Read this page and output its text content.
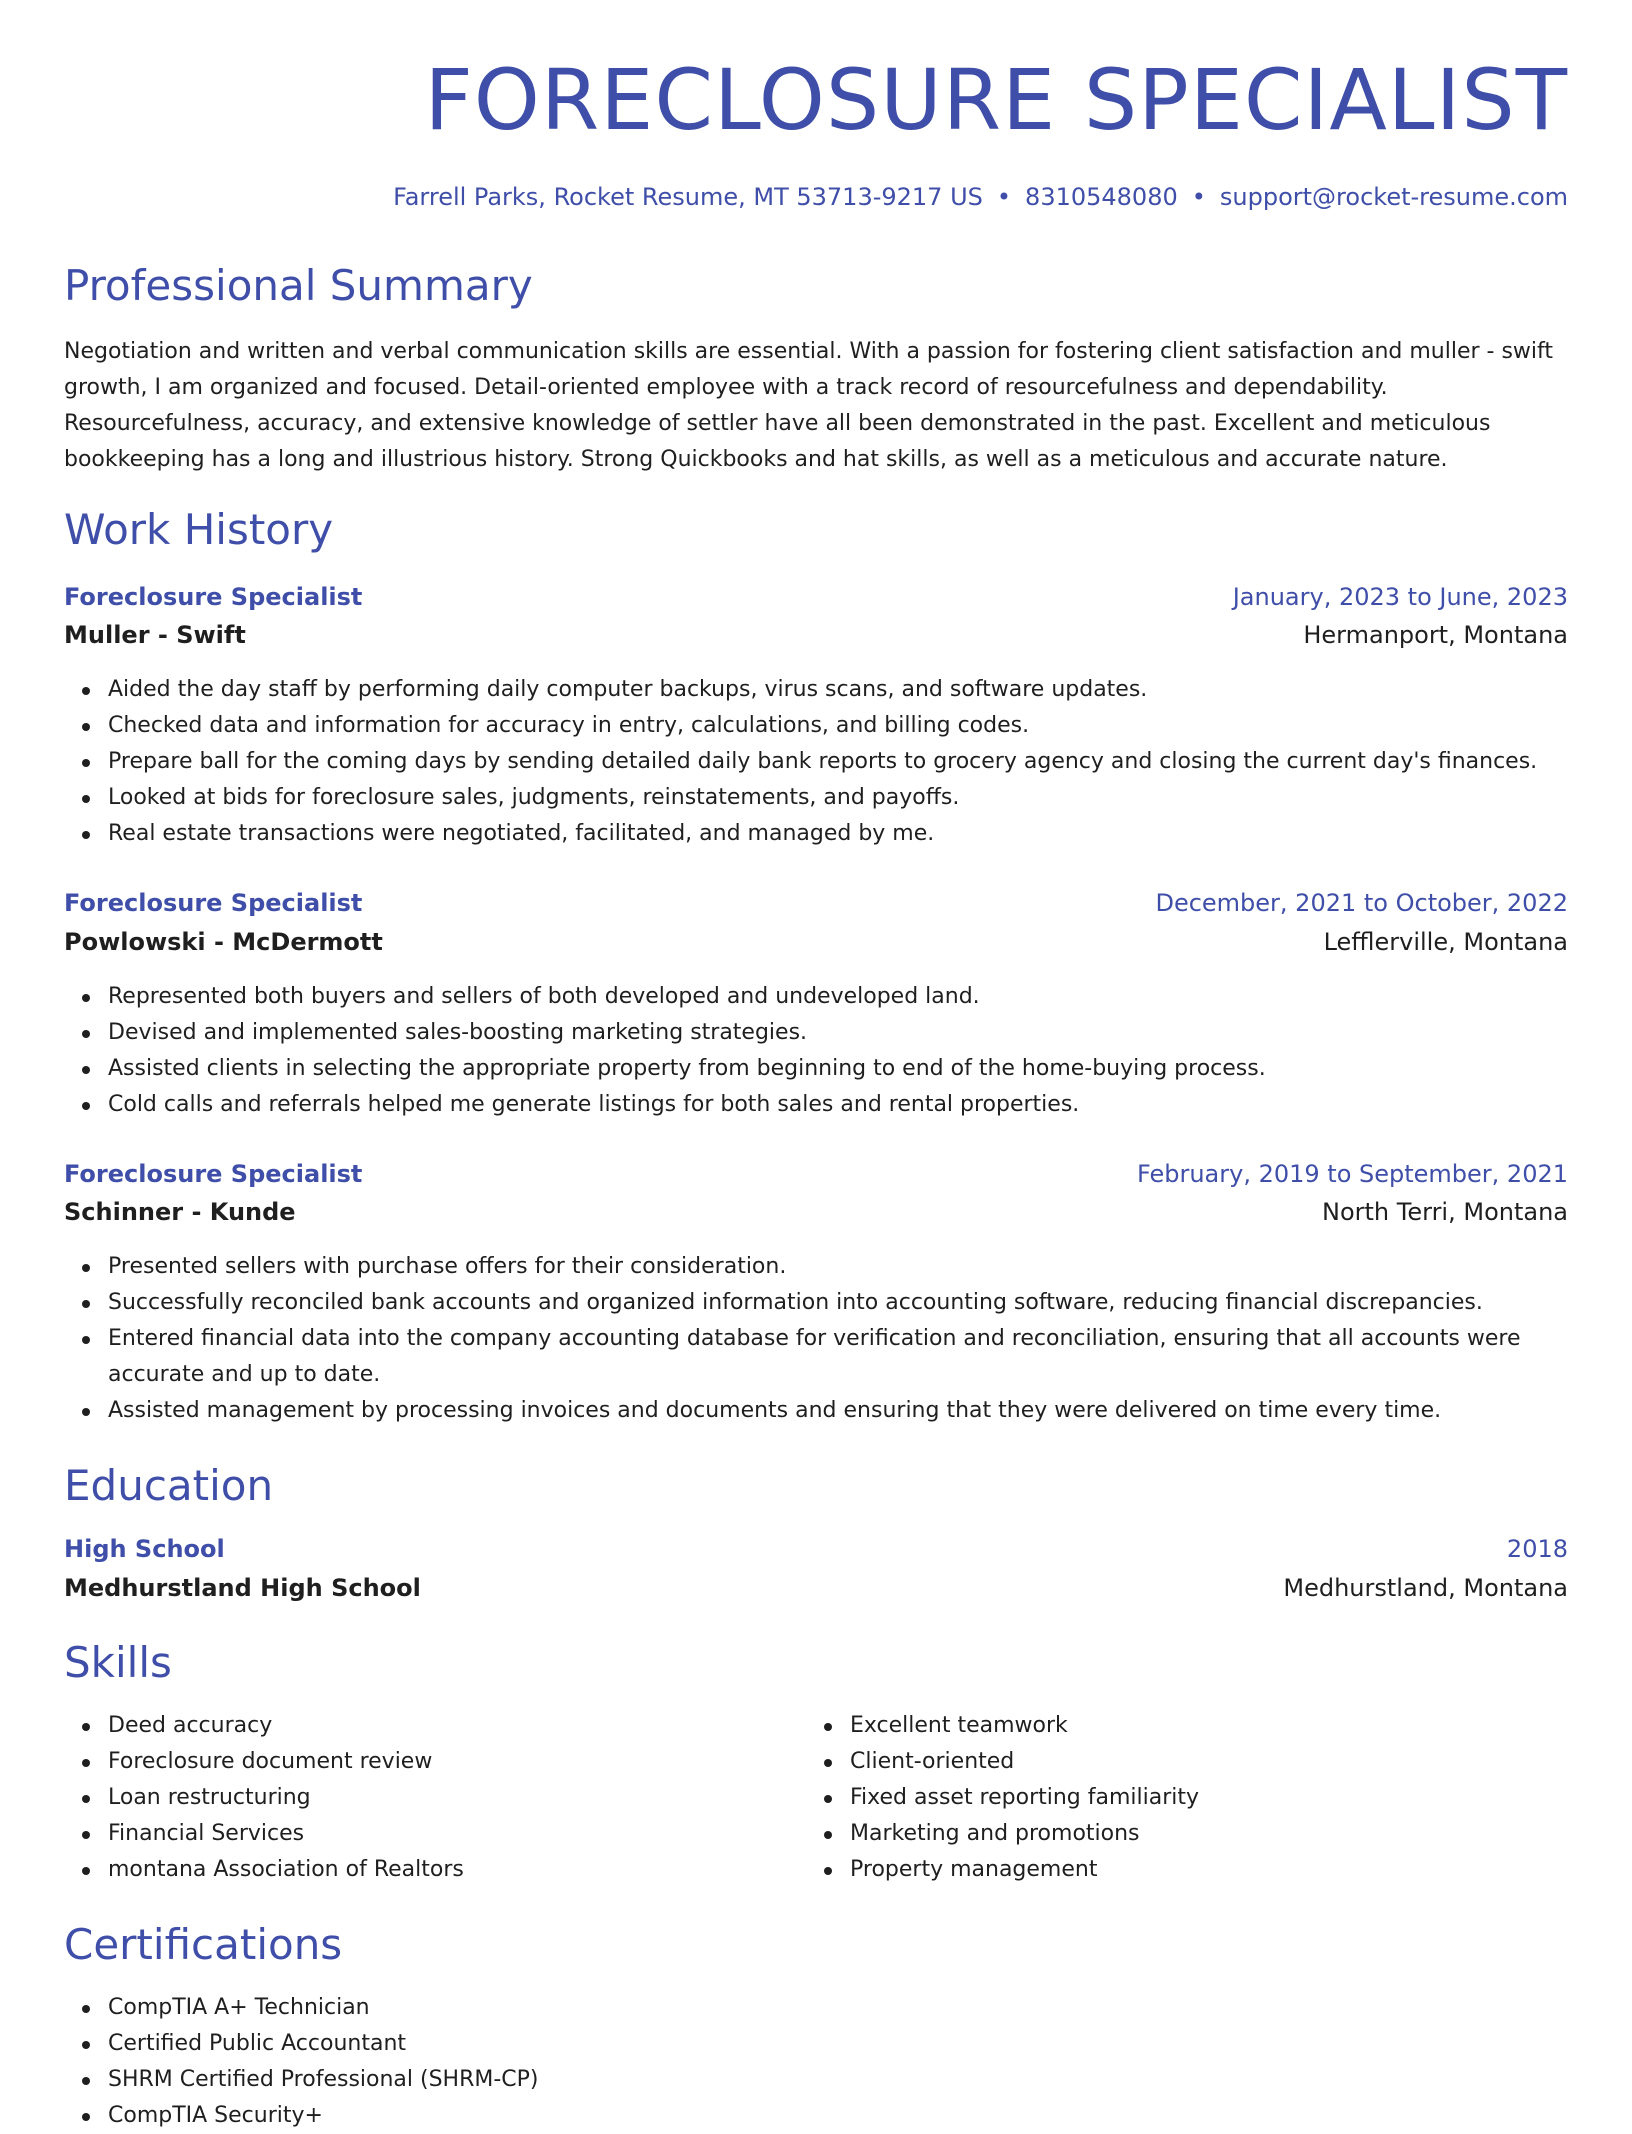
FORECLOSURE SPECIALIST
Farrell Parks, Rocket Resume, MT 53713-9217 US • 8310548080 • support@rocket-resume.com
Professional Summary

Negotiation and written and verbal communication skills are essential. With a passion for fostering client satisfaction and muller - swift growth, I am organized and focused. Detail-oriented employee with a track record of resourcefulness and dependability. Resourcefulness, accuracy, and extensive knowledge of settler have all been demonstrated in the past. Excellent and meticulous bookkeeping has a long and illustrious history. Strong Quickbooks and hat skills, as well as a meticulous and accurate nature.

Work History
Foreclosure Specialist	January, 2023 to June, 2023
Muller - Swift	Hermanport, Montana
Aided the day staff by performing daily computer backups, virus scans, and software updates.
Checked data and information for accuracy in entry, calculations, and billing codes.
Prepare ball for the coming days by sending detailed daily bank reports to grocery agency and closing the current day's finances.
Looked at bids for foreclosure sales, judgments, reinstatements, and payoffs.
Real estate transactions were negotiated, facilitated, and managed by me.
Foreclosure Specialist	December, 2021 to October, 2022
Powlowski - McDermott	Lefflerville, Montana
Represented both buyers and sellers of both developed and undeveloped land.
Devised and implemented sales-boosting marketing strategies.
Assisted clients in selecting the appropriate property from beginning to end of the home-buying process.
Cold calls and referrals helped me generate listings for both sales and rental properties.
Foreclosure Specialist	February, 2019 to September, 2021
Schinner - Kunde	North Terri, Montana
Presented sellers with purchase offers for their consideration.
Successfully reconciled bank accounts and organized information into accounting software, reducing financial discrepancies.
Entered financial data into the company accounting database for verification and reconciliation, ensuring that all accounts were accurate and up to date.
Assisted management by processing invoices and documents and ensuring that they were delivered on time every time.
Education
High School	2018
Medhurstland High School	Medhurstland, Montana
Skills
Deed accuracy
Foreclosure document review
Loan restructuring
Financial Services
montana Association of Realtors
Excellent teamwork
Client-oriented
Fixed asset reporting familiarity
Marketing and promotions
Property management
Certifications
CompTIA A+ Technician
Certified Public Accountant
SHRM Certified Professional (SHRM-CP)
CompTIA Security+
